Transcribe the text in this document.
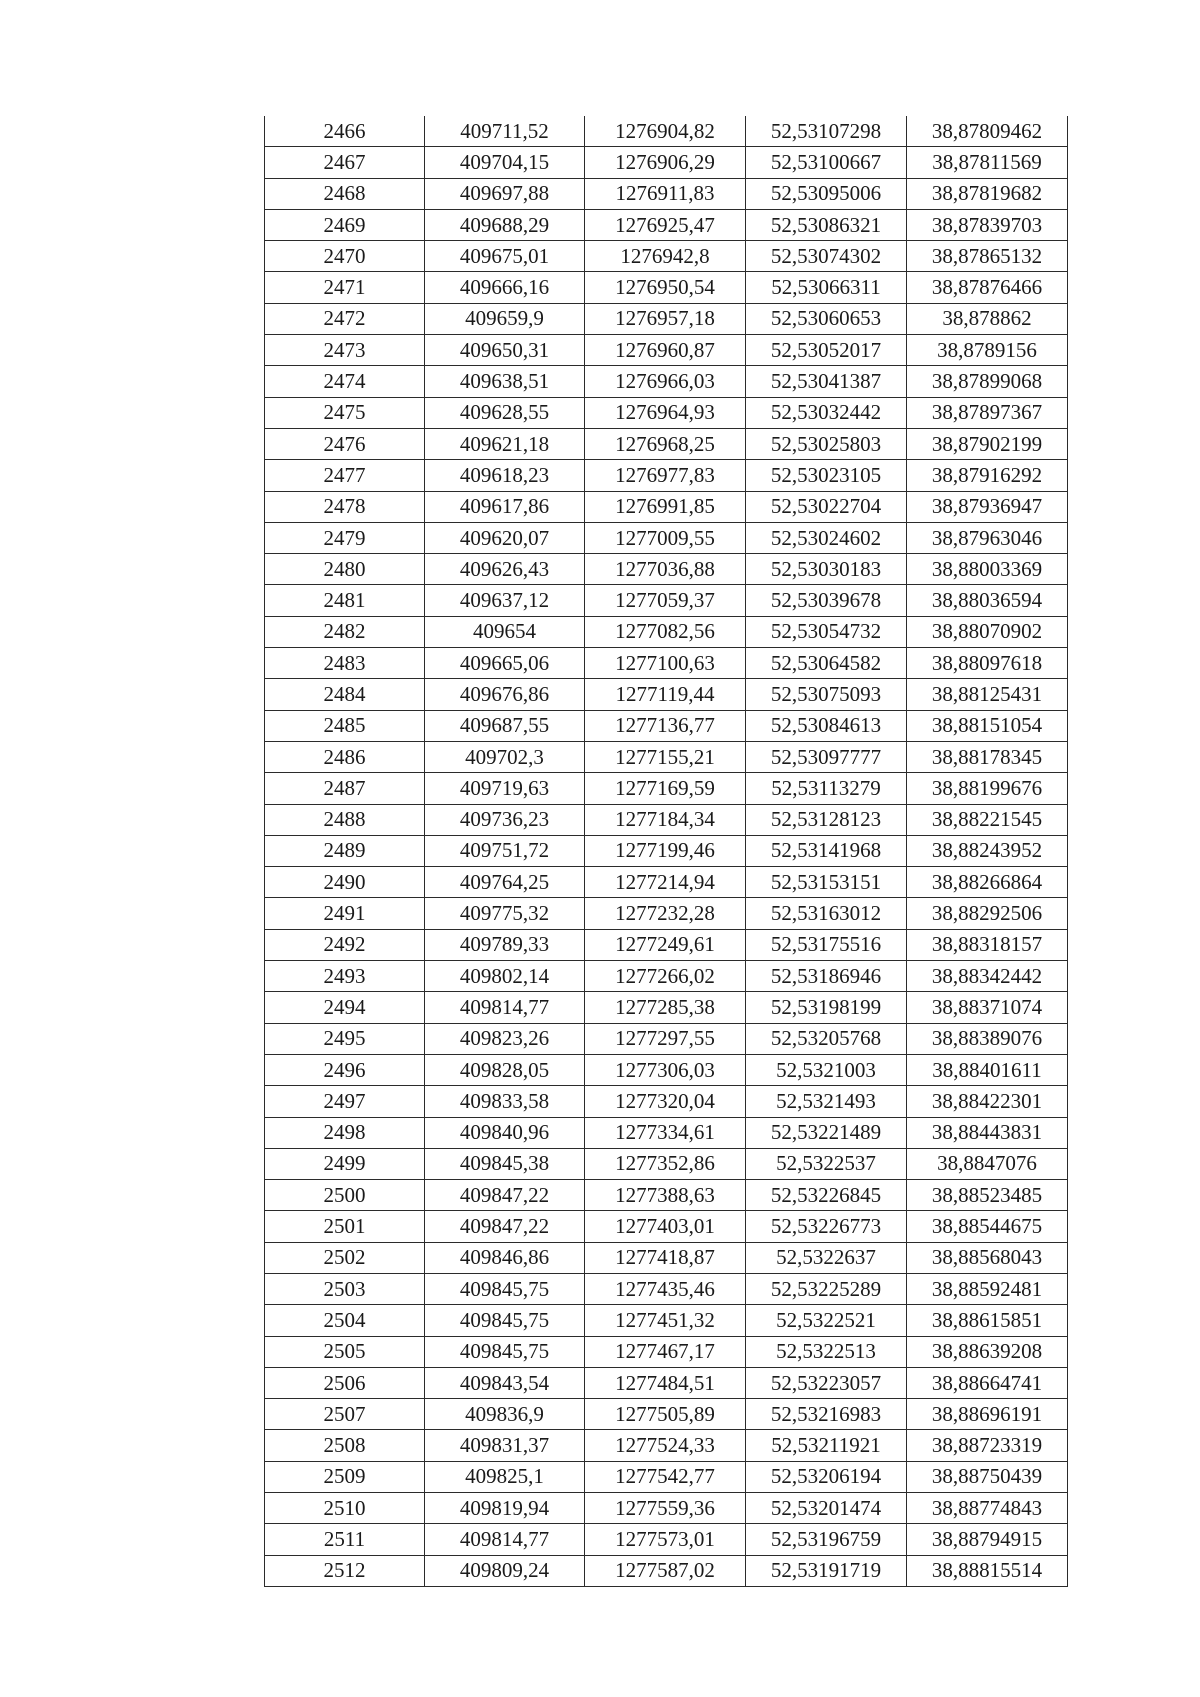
2466	409711,52	1276904,82	52,53107298	38,87809462
2467	409704,15	1276906,29	52,53100667	38,87811569
2468	409697,88	1276911,83	52,53095006	38,87819682
2469	409688,29	1276925,47	52,53086321	38,87839703
2470	409675,01	1276942,8	52,53074302	38,87865132
2471	409666,16	1276950,54	52,53066311	38,87876466
2472	409659,9	1276957,18	52,53060653	38,878862
2473	409650,31	1276960,87	52,53052017	38,8789156
2474	409638,51	1276966,03	52,53041387	38,87899068
2475	409628,55	1276964,93	52,53032442	38,87897367
2476	409621,18	1276968,25	52,53025803	38,87902199
2477	409618,23	1276977,83	52,53023105	38,87916292
2478	409617,86	1276991,85	52,53022704	38,87936947
2479	409620,07	1277009,55	52,53024602	38,87963046
2480	409626,43	1277036,88	52,53030183	38,88003369
2481	409637,12	1277059,37	52,53039678	38,88036594
2482	409654	1277082,56	52,53054732	38,88070902
2483	409665,06	1277100,63	52,53064582	38,88097618
2484	409676,86	1277119,44	52,53075093	38,88125431
2485	409687,55	1277136,77	52,53084613	38,88151054
2486	409702,3	1277155,21	52,53097777	38,88178345
2487	409719,63	1277169,59	52,53113279	38,88199676
2488	409736,23	1277184,34	52,53128123	38,88221545
2489	409751,72	1277199,46	52,53141968	38,88243952
2490	409764,25	1277214,94	52,53153151	38,88266864
2491	409775,32	1277232,28	52,53163012	38,88292506
2492	409789,33	1277249,61	52,53175516	38,88318157
2493	409802,14	1277266,02	52,53186946	38,88342442
2494	409814,77	1277285,38	52,53198199	38,88371074
2495	409823,26	1277297,55	52,53205768	38,88389076
2496	409828,05	1277306,03	52,5321003	38,88401611
2497	409833,58	1277320,04	52,5321493	38,88422301
2498	409840,96	1277334,61	52,53221489	38,88443831
2499	409845,38	1277352,86	52,5322537	38,8847076
2500	409847,22	1277388,63	52,53226845	38,88523485
2501	409847,22	1277403,01	52,53226773	38,88544675
2502	409846,86	1277418,87	52,5322637	38,88568043
2503	409845,75	1277435,46	52,53225289	38,88592481
2504	409845,75	1277451,32	52,5322521	38,88615851
2505	409845,75	1277467,17	52,5322513	38,88639208
2506	409843,54	1277484,51	52,53223057	38,88664741
2507	409836,9	1277505,89	52,53216983	38,88696191
2508	409831,37	1277524,33	52,53211921	38,88723319
2509	409825,1	1277542,77	52,53206194	38,88750439
2510	409819,94	1277559,36	52,53201474	38,88774843
2511	409814,77	1277573,01	52,53196759	38,88794915
2512	409809,24	1277587,02	52,53191719	38,88815514
